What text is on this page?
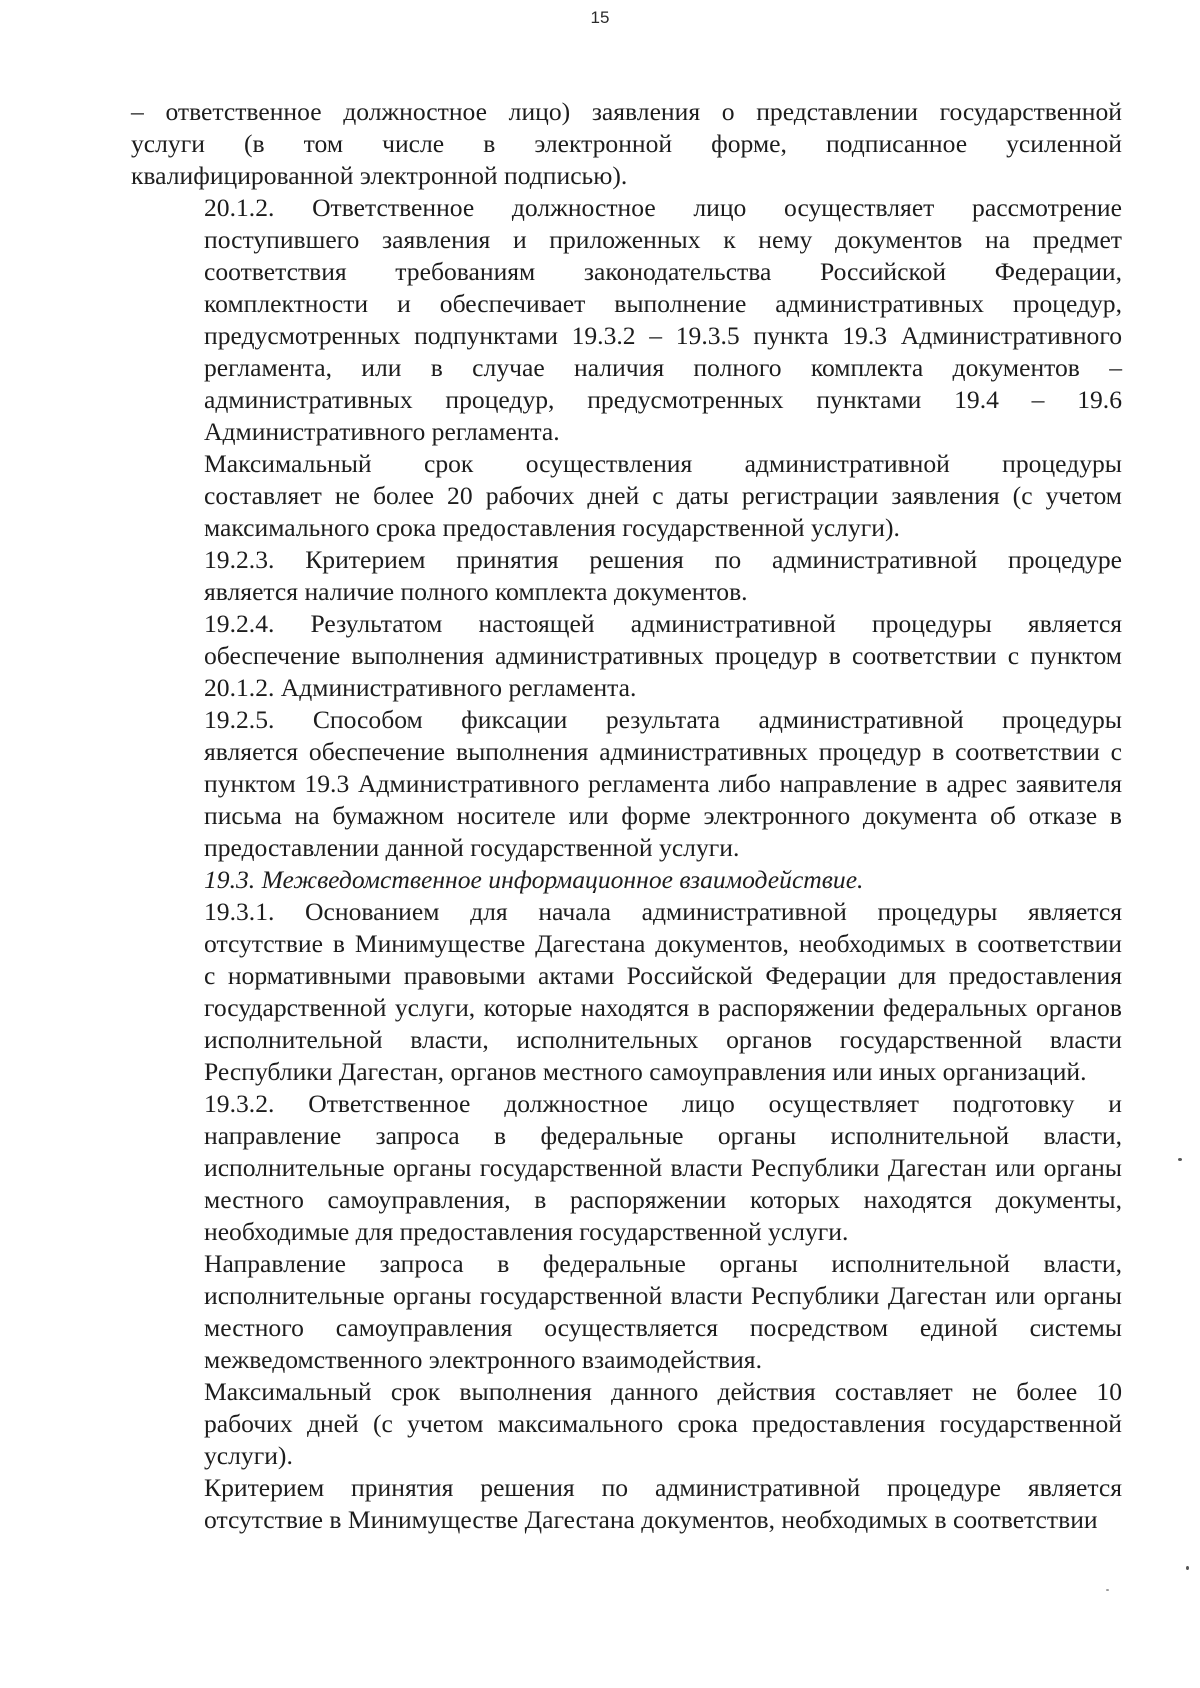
15

– ответственное должностное лицо) заявления о представлении государственной
услуги (в том числе в электронной форме, подписанное усиленной
квалифицированной электронной подписью).

20.1.2. Ответственное должностное лицо осуществляет рассмотрение
поступившего заявления и приложенных к нему документов на предмет
соответствия требованиям законодательства Российской Федерации,
комплектности и обеспечивает выполнение административных процедур,
предусмотренных подпунктами 19.3.2 – 19.3.5 пункта 19.3 Административного
регламента, или в случае наличия полного комплекта документов –
административных процедур, предусмотренных пунктами 19.4 – 19.6
Административного регламента.

Максимальный срок осуществления административной процедуры
составляет не более 20 рабочих дней с даты регистрации заявления (с учетом
максимального срока предоставления государственной услуги).

19.2.3. Критерием принятия решения по административной процедуре
является наличие полного комплекта документов.

19.2.4. Результатом настоящей административной процедуры является
обеспечение выполнения административных процедур в соответствии с пунктом
20.1.2. Административного регламента.

19.2.5. Способом фиксации результата административной процедуры
является обеспечение выполнения административных процедур в соответствии с
пунктом 19.3 Административного регламента либо направление в адрес заявителя
письма на бумажном носителе или форме электронного документа об отказе в
предоставлении данной государственной услуги.

19.3. Межведомственное информационное взаимодействие.

19.3.1. Основанием для начала административной процедуры является
отсутствие в Минимуществе Дагестана документов, необходимых в соответствии
с нормативными правовыми актами Российской Федерации для предоставления
государственной услуги, которые находятся в распоряжении федеральных органов
исполнительной власти, исполнительных органов государственной власти
Республики Дагестан, органов местного самоуправления или иных организаций.

19.3.2. Ответственное должностное лицо осуществляет подготовку и
направление запроса в федеральные органы исполнительной власти,
исполнительные органы государственной власти Республики Дагестан или органы
местного самоуправления, в распоряжении которых находятся документы,
необходимые для предоставления государственной услуги.

Направление запроса в федеральные органы исполнительной власти,
исполнительные органы государственной власти Республики Дагестан или органы
местного самоуправления осуществляется посредством единой системы
межведомственного электронного взаимодействия.

Максимальный срок выполнения данного действия составляет не более 10
рабочих дней (с учетом максимального срока предоставления государственной
услуги).

Критерием принятия решения по административной процедуре является
отсутствие в Минимуществе Дагестана документов, необходимых в соответствии
